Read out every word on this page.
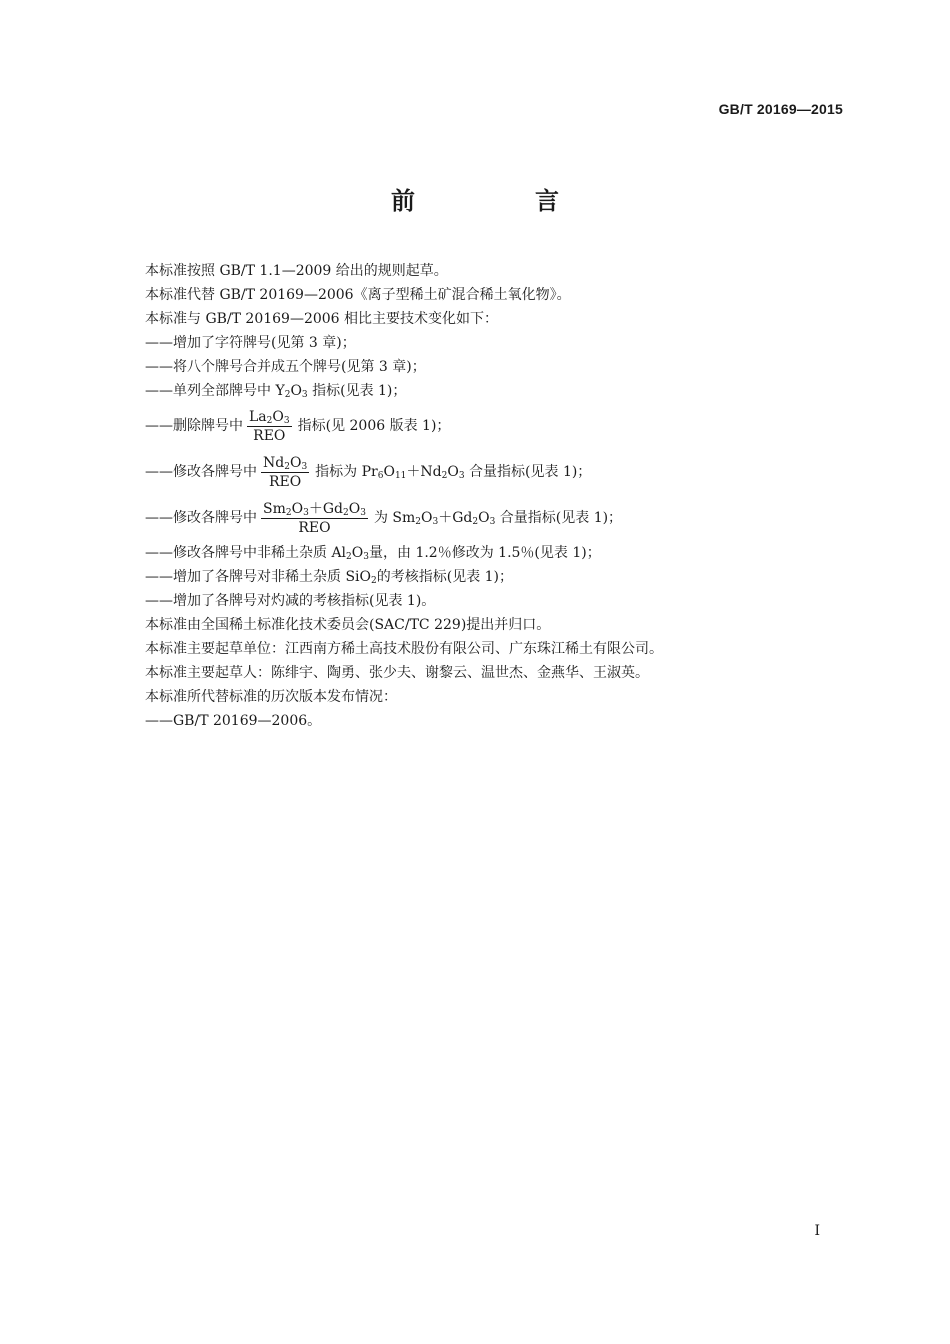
GB/T 20169—2015
前　言
本标准按照 GB/T 1.1—2009 给出的规则起草。
本标准代替 GB/T 20169—2006《离子型稀土矿混合稀土氧化物》。
本标准与 GB/T 20169—2006 相比主要技术变化如下：
——增加了字符牌号(见第 3 章)；
——将八个牌号合并成五个牌号(见第 3 章)；
——单列全部牌号中 $Y_2O_3$ 指标(见表 1)；
——删除牌号中 $\frac{La_2O_3}{\text{REO}}$ 指标(见 2006 版表 1)；
——修改各牌号中 $\frac{Nd_2O_3}{\text{REO}}$ 指标为 $Pr_6O_{11}+Nd_2O_3$ 合量指标(见表 1)；
——修改各牌号中 $\frac{Sm_2O_3+Gd_2O_3}{\text{REO}}$ 为 $Sm_2O_3+Gd_2O_3$ 合量指标(见表 1)；
——修改各牌号中非稀土杂质 $Al_2O_3$量，由 1.2％修改为 1.5％(见表 1)；
——增加了各牌号对非稀土杂质 SiO$_2$的考核指标(见表 1)；
——增加了各牌号对灼减的考核指标(见表 1)。
本标准由全国稀土标准化技术委员会(SAC/TC 229)提出并归口。
本标准主要起草单位：江西南方稀土高技术股份有限公司、广东珠江稀土有限公司。
本标准主要起草人：陈绯宇、陶勇、张少夫、谢黎云、温世杰、金燕华、王淑英。
本标准所代替标准的历次版本发布情况：
——GB/T 20169—2006。
Ⅰ
